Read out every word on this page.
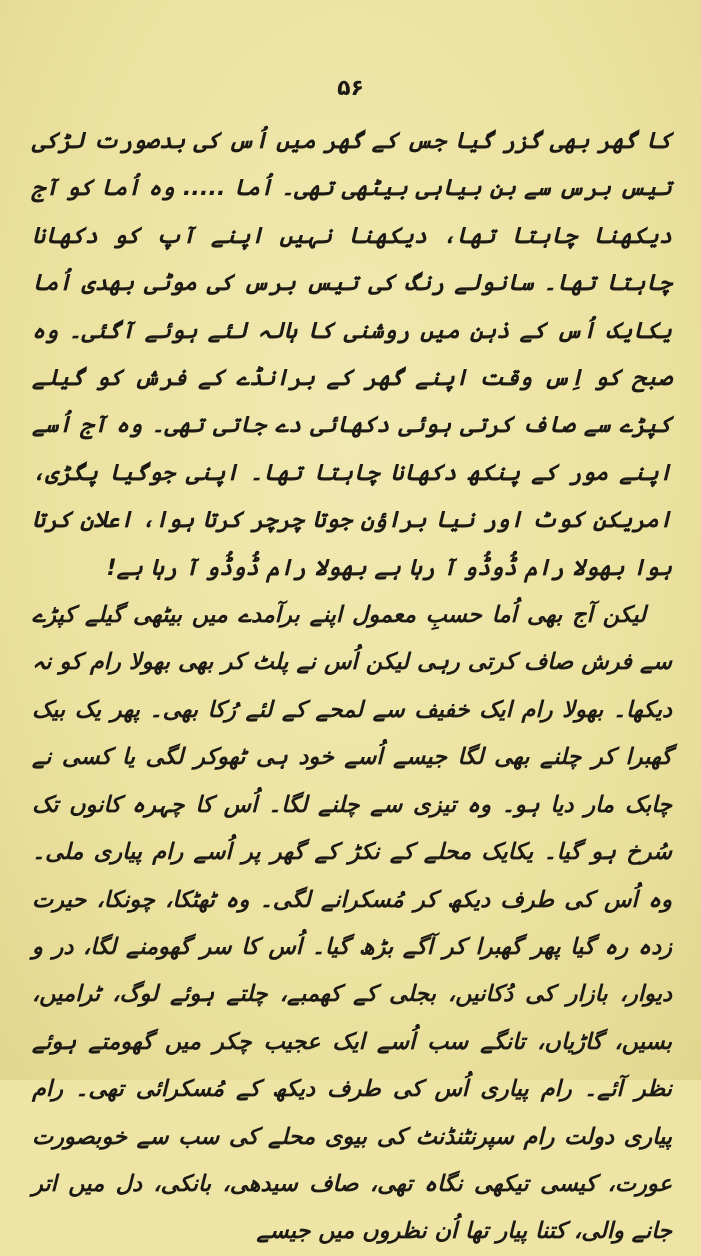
۵۶

کا گھر بھی گزر گیا جس کے گھر میں اُس کی بدصورت لڑکی تیس برس سے بن بیاہی بیٹھی تھی۔ اُما ..... وہ اُما کو آج دیکھنا چاہتا تھا، دیکھنا نہیں اپنے آپ کو دکھانا چاہتا تھا۔ سانولے رنگ کی تیس برس کی موٹی بھدی اُما یکایک اُس کے ذہن میں روشنی کا ہالہ لئے ہوئے آگئی۔ وہ صبح کو اِس وقت اپنے گھر کے برانڈے کے فرش کو گیلے کپڑے سے صاف کرتی ہوئی دکھائی دے جاتی تھی۔ وہ آج اُسے اپنے مور کے پنکھ دکھانا چاہتا تھا۔ اپنی جوگیا پگڑی، امریکن کوٹ اور نیا براؤن جوتا چرچر کرتا ہوا، اعلان کرتا ہوا بھولا رام ڈُوڈُو آ رہا ہے بھولا رام ڈُوڈُو آ رہا ہے!

لیکن آج بھی اُما حسبِ معمول اپنے برآمدے میں بیٹھی گیلے کپڑے سے فرش صاف کرتی رہی لیکن اُس نے پلٹ کر بھی بھولا رام کو نہ دیکھا۔ بھولا رام ایک خفیف سے لمحے کے لئے رُکا بھی۔ پھر یک بیک گھبرا کر چلنے بھی لگا جیسے اُسے خود ہی ٹھوکر لگی یا کسی نے چابک مار دیا ہو۔ وہ تیزی سے چلنے لگا۔ اُس کا چہرہ کانوں تک سُرخ ہو گیا۔ یکایک محلے کے نکڑ کے گھر پر اُسے رام پیاری ملی۔ وہ اُس کی طرف دیکھ کر مُسکرانے لگی۔ وہ ٹھٹکا، چونکا، حیرت زدہ رہ گیا پھر گھبرا کر آگے بڑھ گیا۔ اُس کا سر گھومنے لگا، در و دیوار، بازار کی دُکانیں، بجلی کے کھمبے، چلتے ہوئے لوگ، ٹرامیں، بسیں، گاڑیاں، تانگے سب اُسے ایک عجیب چکر میں گھومتے ہوئے نظر آئے۔ رام پیاری اُس کی طرف دیکھ کے مُسکرائی تھی۔ رام پیاری دولت رام سپرنٹنڈنٹ کی بیوی محلے کی سب سے خوبصورت عورت، کیسی تیکھی نگاہ تھی، صاف سیدھی، بانکی، دل میں اتر جانے والی، کتنا پیار تھا اُن نظروں میں جیسے
